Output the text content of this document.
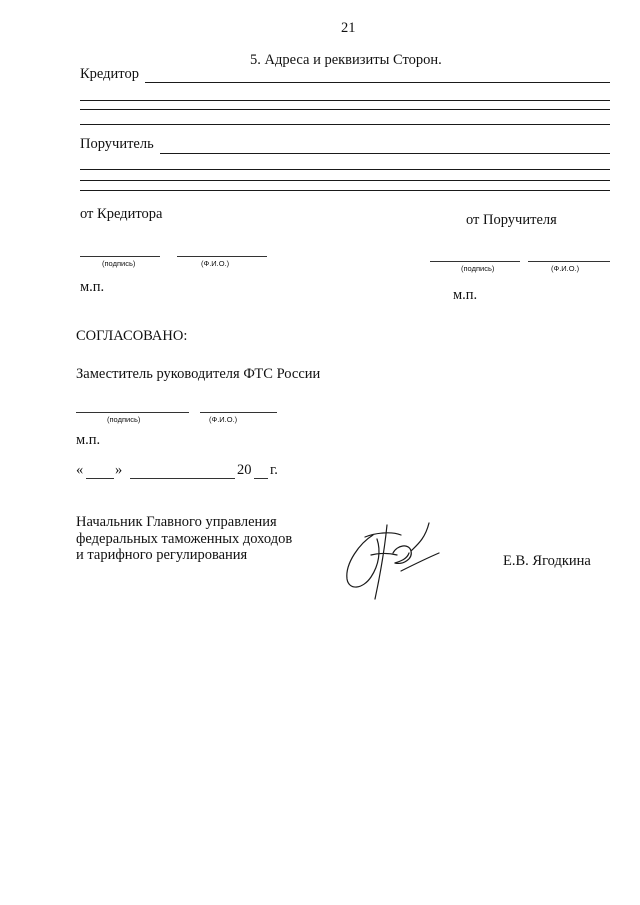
21
5. Адреса и реквизиты Сторон.
Кредитор
Поручитель
от Кредитора
(подпись)	(Ф.И.О.)
м.п.
от Поручителя
(подпись)	(Ф.И.О.)
м.п.
СОГЛАСОВАНО:
Заместитель руководителя ФТС России
(подпись)	(Ф.И.О.)
м.п.
« »	20 г.
Начальник Главного управления
федеральных таможенных доходов
и тарифного регулирования	Е.В. Ягодкина
